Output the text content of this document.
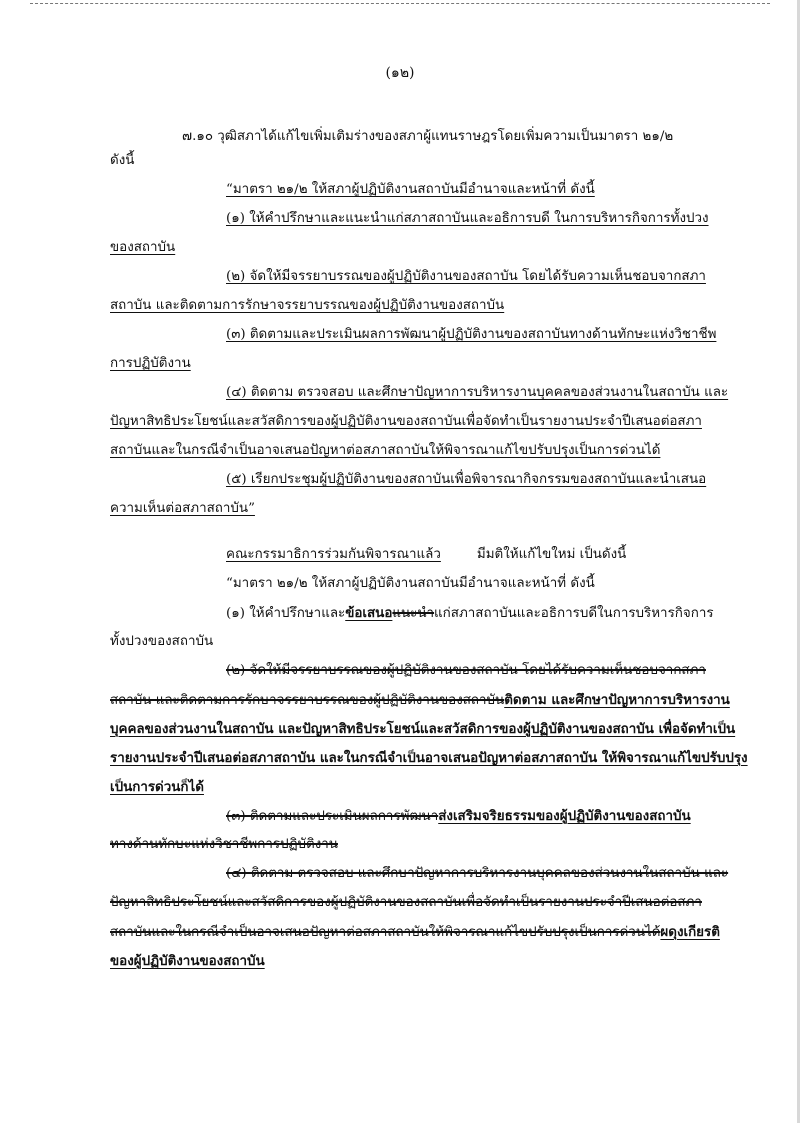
(๑๒)
๗.๑๐ วุฒิสภาได้แก้ไขเพิ่มเติมร่างของสภาผู้แทนราษฎรโดยเพิ่มความเป็นมาตรา ๒๑/๒
ดังนี้
“มาตรา ๒๑/๒ ให้สภาผู้ปฏิบัติงานสถาบันมีอำนาจและหน้าที่ ดังนี้
(๑) ให้คำปรึกษาและแนะนำแก่สภาสถาบันและอธิการบดี ในการบริหารกิจการทั้งปวง
ของสถาบัน
(๒) จัดให้มีจรรยาบรรณของผู้ปฏิบัติงานของสถาบัน โดยได้รับความเห็นชอบจากสภา
สถาบัน และติดตามการรักษาจรรยาบรรณของผู้ปฏิบัติงานของสถาบัน
(๓) ติดตามและประเมินผลการพัฒนาผู้ปฏิบัติงานของสถาบันทางด้านทักษะแห่งวิชาชีพ
การปฏิบัติงาน
(๔) ติดตาม ตรวจสอบ และศึกษาปัญหาการบริหารงานบุคคลของส่วนงานในสถาบัน และ
ปัญหาสิทธิประโยชน์และสวัสดิการของผู้ปฏิบัติงานของสถาบันเพื่อจัดทำเป็นรายงานประจำปีเสนอต่อสภา
สถาบันและในกรณีจำเป็นอาจเสนอปัญหาต่อสภาสถาบันให้พิจารณาแก้ไขปรับปรุงเป็นการด่วนได้
(๕) เรียกประชุมผู้ปฏิบัติงานของสถาบันเพื่อพิจารณากิจกรรมของสถาบันและนำเสนอ
ความเห็นต่อสภาสถาบัน”
คณะกรรมาธิการร่วมกันพิจารณาแล้ว	มีมติให้แก้ไขใหม่ เป็นดังนี้
“มาตรา ๒๑/๒ ให้สภาผู้ปฏิบัติงานสถาบันมีอำนาจและหน้าที่ ดังนี้
(๑) ให้คำปรึกษาและข้อเสนอแนะนำแก่สภาสถาบันและอธิการบดีในการบริหารกิจการ
ทั้งปวงของสถาบัน
(๒) จัดให้มีจรรยาบรรณของผู้ปฏิบัติงานของสถาบัน โดยได้รับความเห็นชอบจากสภา
สถาบัน และติดตามการรักษาจรรยาบรรณของผู้ปฏิบัติงานของสถาบันติดตาม และศึกษาปัญหาการบริหารงาน
บุคคลของส่วนงานในสถาบัน และปัญหาสิทธิประโยชน์และสวัสดิการของผู้ปฏิบัติงานของสถาบัน เพื่อจัดทำเป็น
รายงานประจำปีเสนอต่อสภาสถาบัน และในกรณีจำเป็นอาจเสนอปัญหาต่อสภาสถาบัน ให้พิจารณาแก้ไขปรับปรุง
เป็นการด่วนก็ได้
(๓) ติดตามและประเมินผลการพัฒนาส่งเสริมจริยธรรมของผู้ปฏิบัติงานของสถาบัน
ทางด้านทักษะแห่งวิชาชีพการปฏิบัติงาน
(๔) ติดตาม ตรวจสอบ และศึกษาปัญหาการบริหารงานบุคคลของส่วนงานในสถาบัน และ
ปัญหาสิทธิประโยชน์และสวัสดิการของผู้ปฏิบัติงานของสถาบันเพื่อจัดทำเป็นรายงานประจำปีเสนอต่อสภา
สถาบันและในกรณีจำเป็นอาจเสนอปัญหาต่อสภาสถาบันให้พิจารณาแก้ไขปรับปรุงเป็นการด่วนได้ผดุงเกียรติ
ของผู้ปฏิบัติงานของสถาบัน
